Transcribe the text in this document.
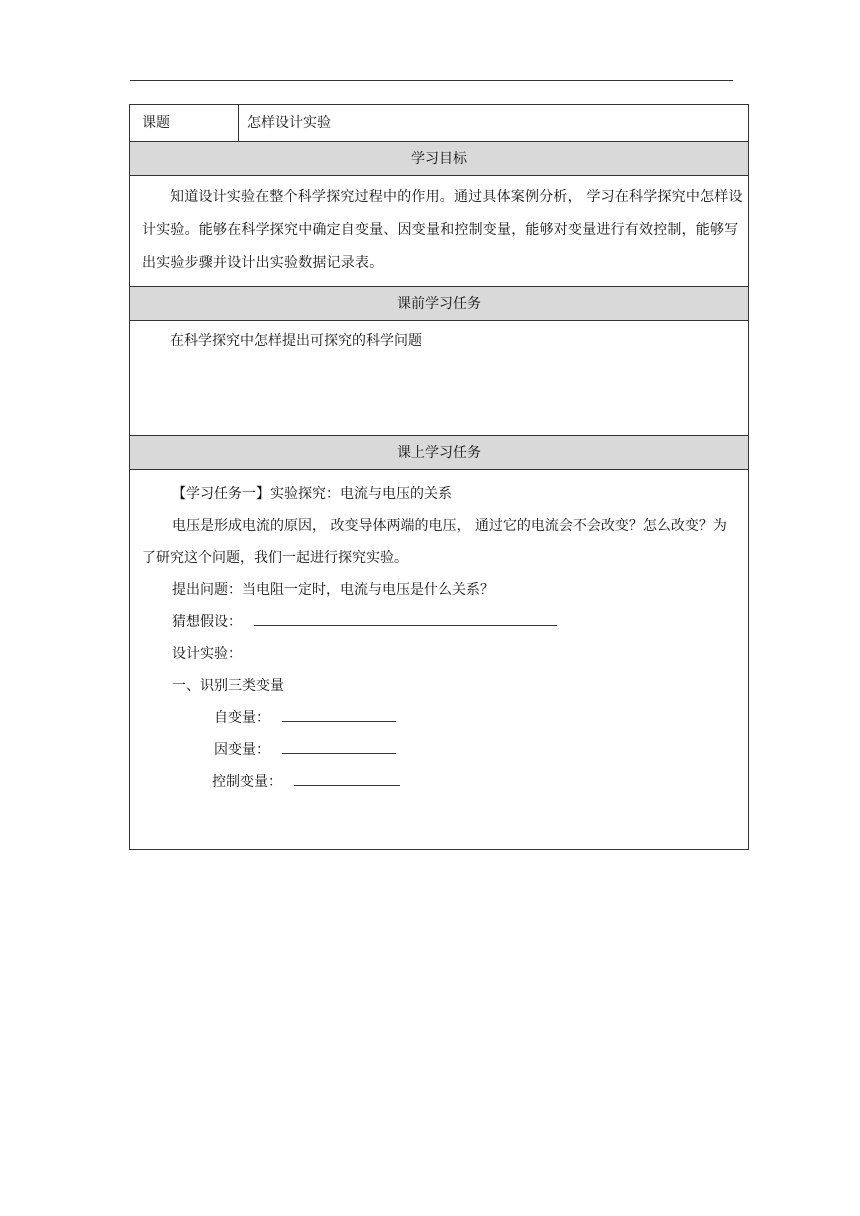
课题	怎样设计实验
学习目标

知道设计实验在整个科学探究过程中的作用。通过具体案例分析， 学习在科学探究中怎样设计实验。能够在科学探究中确定自变量、因变量和控制变量，能够对变量进行有效控制，能够写出实验步骤并设计出实验数据记录表。

课前学习任务

在科学探究中怎样提出可探究的科学问题

课上学习任务

【学习任务一】实验探究：电流与电压的关系
电压是形成电流的原因， 改变导体两端的电压， 通过它的电流会不会改变？怎么改变？为了研究这个问题，我们一起进行探究实验。
提出问题：当电阻一定时，电流与电压是什么关系？
猜想假设：
设计实验：
一、识别三类变量
自变量：
因变量：
控制变量：
